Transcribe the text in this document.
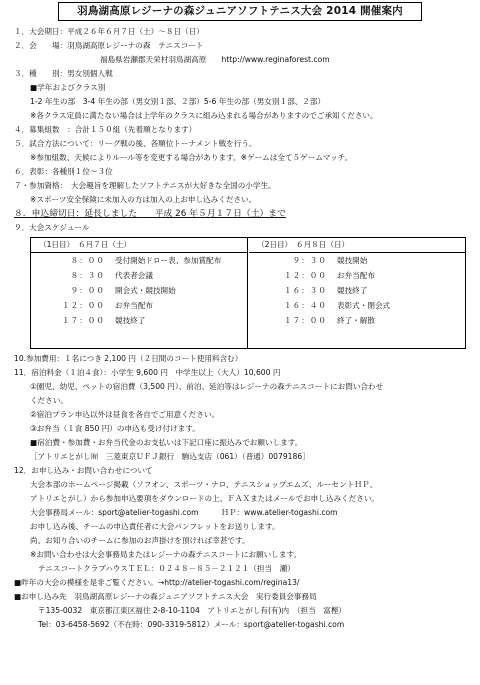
羽鳥湖高原レジーナの森ジュニアソフトテニス大会 2014 開催案内
１．大会期日：平成２６年６月７日（土）～８日（日）
２．会　　場：羽鳥湖高原レジーナの森　テニスコート
福島県岩瀬郡天栄村羽鳥湖高原　　http://www.reginaforest.com
３．種　　別：男女別個人戦
■学年およびクラス別
1-2 年生の部　3-4 年生の部（男女別１部、２部）5-6 年生の部（男女別１部、２部）
※各クラス定員に満たない場合は上学年のクラスに組み込まれる場合がありますのでご承知ください。
４．募集組数　：合計１５０組（先着順となります）
５．試合方法について：リーグ戦の後、各順位トーナメント戦を行う。
※参加組数、天候によりルール等を変更する場合があります。※ゲームは全て５ゲームマッチ。
６．表彰：各種別１位～３位
７・参加資格：　大会趣旨を理解したソフトテニスが大好きな全国の小学生。
※スポーツ安全保険に未加入の方は加入の上お申し込みください。
８．申込締切日：延長しました　　平成 26 年５月１７日（土）まで
９．大会スケジュール
（1日目）　６月７日（土）
８：００ 受付開始ドロー表、参加賞配布
８：３０ 代表者会議
９：００ 開会式・競技開始
１２：００ お弁当配布
１７：００ 競技終了
（2日目）　６月８日（日）
９：３０ 競技開始
１２：００ お弁当配布
１６：３０ 競技終了
１６：４０ 表彰式・閉会式
１７：００ 終了・解散
10.参加費用：１名につき 2,100 円（２日間のコート使用料含む）
11．宿泊料金（１泊４食）：小学生 9,600 円　中学生以上（大人）10,600 円
①園児、幼児、ペットの宿泊費（3,500 円）、前泊、延泊等はレジーナの森テニスコートにお問い合わせ
ください。
②宿泊プラン申込以外は昼食を各自でご用意ください。
③お弁当（１食 850 円）の申込も受け付けます。
■宿泊費・参加費・お弁当代金のお支払いは下記口座に振込みでお願いします。
［アトリエとがし㈲　三菱東京ＵＦＪ銀行　駒込支店（061）（普通）0079186］
12．お申し込み・お問い合わせについて
大会本部のホームページ掲載（ソフオン、スポーツ・ナロ、テニスショップエムズ、ルーセントＨＰ、
アトリエとがし）から参加申込要項をダウンロードの上、ＦＡＸまたはメールでお申し込みください。
大会事務局メール：sport@atelier-togashi.com　　　ＨＰ：www.atelier-togashi.com
お申し込み後、チームの申込責任者に大会パンフレットをお送りします。
尚、お知り合いのチームに参加のお声掛けを頂ければ幸甚です。
※お問い合わせは大会事務局またはレジーナの森テニスコートにお願いします。
テニスコートクラブハウスＴＥＬ：０２４８－８５－２１２１（担当　瀬）
■昨年の大会の模様を是非ご覧ください。→http://atelier-togashi.com/regina13/
■お申し込み先　羽鳥湖高原レジーナの森ジュニアソフトテニス大会　実行委員会事務局
〒135-0032　東京都江東区福住 2-8-10-1104　アトリエとがし有(有)内　（担当　富樫）
Tel：03-6458-5692（不在時：090-3319-5812）メール：sport@atelier-togashi.com
